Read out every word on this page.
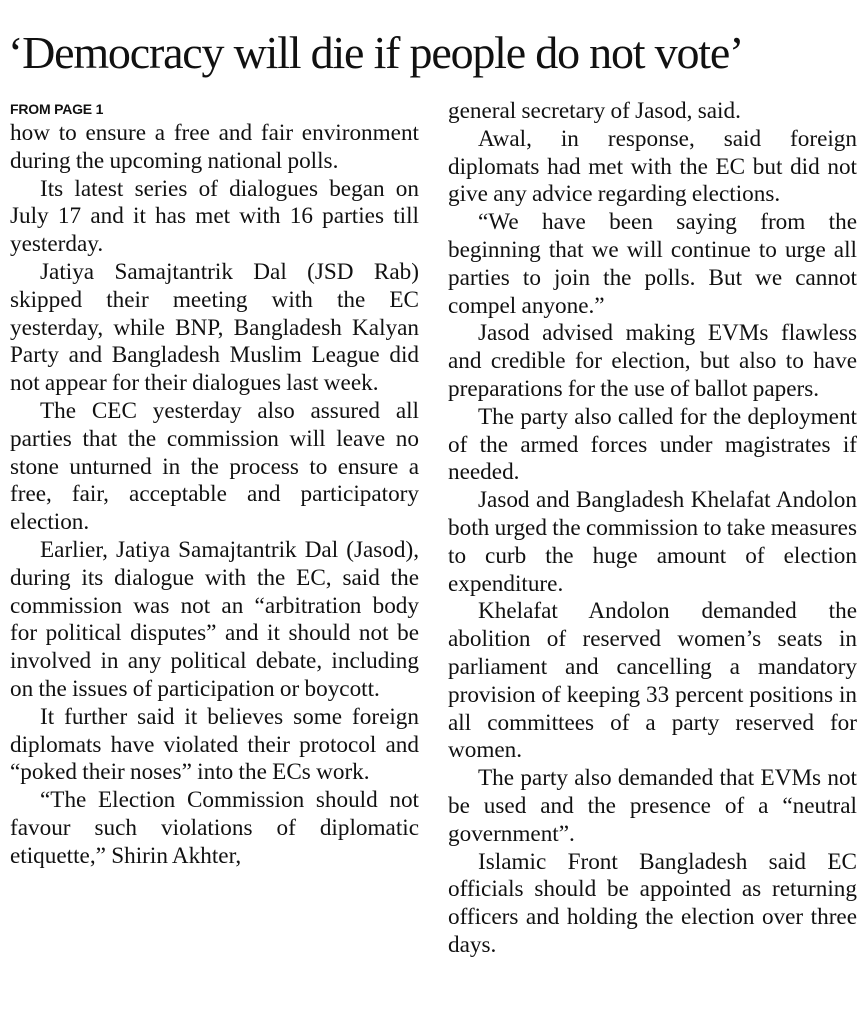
‘Democracy will die if people do not vote’
FROM PAGE 1

how to ensure a free and fair environment during the upcoming national polls.

Its latest series of dialogues began on July 17 and it has met with 16 parties till yesterday.

Jatiya Samajtantrik Dal (JSD Rab) skipped their meeting with the EC yesterday, while BNP, Bangladesh Kalyan Party and Bangladesh Muslim League did not appear for their dialogues last week.

The CEC yesterday also assured all parties that the commission will leave no stone unturned in the process to ensure a free, fair, acceptable and participatory election.

Earlier, Jatiya Samajtantrik Dal (Jasod), during its dialogue with the EC, said the commission was not an “arbitration body for political disputes” and it should not be involved in any political debate, including on the issues of participation or boycott.

It further said it believes some foreign diplomats have violated their protocol and “poked their noses” into the ECs work.

“The Election Commission should not favour such violations of diplomatic etiquette,” Shirin Akhter,

general secretary of Jasod, said.

Awal, in response, said foreign diplomats had met with the EC but did not give any advice regarding elections.

“We have been saying from the beginning that we will continue to urge all parties to join the polls. But we cannot compel anyone.”

Jasod advised making EVMs flawless and credible for election, but also to have preparations for the use of ballot papers.

The party also called for the deployment of the armed forces under magistrates if needed.

Jasod and Bangladesh Khelafat Andolon both urged the commission to take measures to curb the huge amount of election expenditure.

Khelafat Andolon demanded the abolition of reserved women’s seats in parliament and cancelling a mandatory provision of keeping 33 percent positions in all committees of a party reserved for women.

The party also demanded that EVMs not be used and the presence of a “neutral government”.

Islamic Front Bangladesh said EC officials should be appointed as returning officers and holding the election over three days.
